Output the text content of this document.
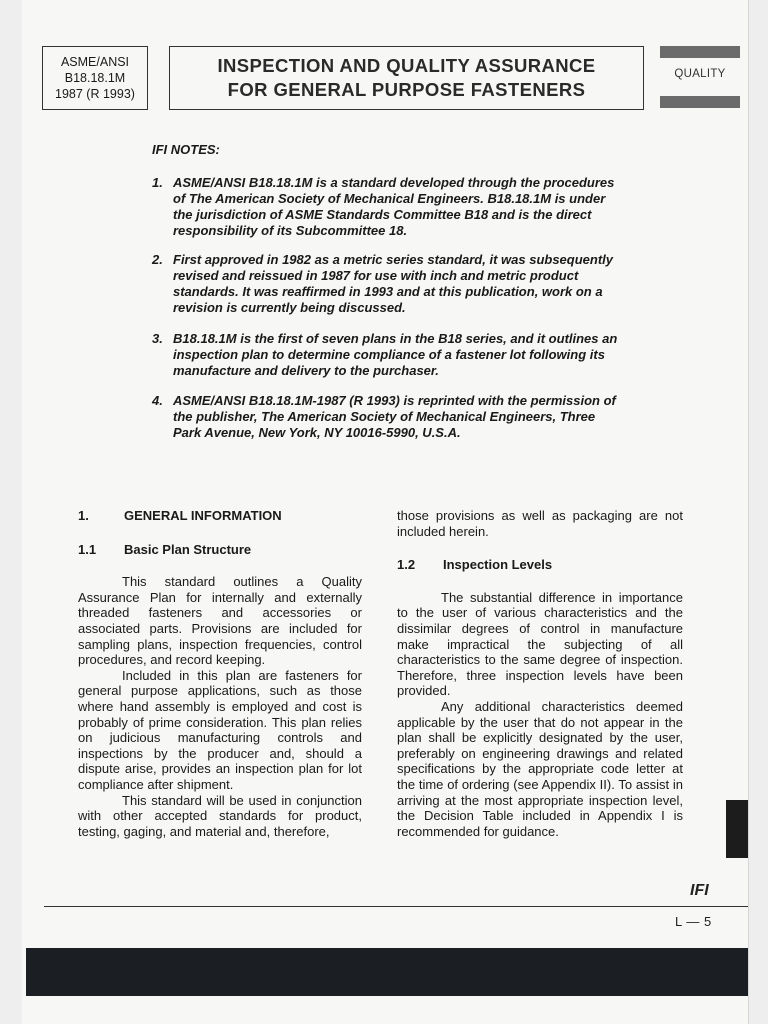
ASME/ANSI
B18.18.1M
1987 (R 1993)
INSPECTION AND QUALITY ASSURANCE
FOR GENERAL PURPOSE FASTENERS
QUALITY
IFI NOTES:
1. ASME/ANSI B18.18.1M is a standard developed through the procedures of The American Society of Mechanical Engineers. B18.18.1M is under the jurisdiction of ASME Standards Committee B18 and is the direct responsibility of its Subcommittee 18.
2. First approved in 1982 as a metric series standard, it was subsequently revised and reissued in 1987 for use with inch and metric product standards. It was reaffirmed in 1993 and at this publication, work on a revision is currently being discussed.
3. B18.18.1M is the first of seven plans in the B18 series, and it outlines an inspection plan to determine compliance of a fastener lot following its manufacture and delivery to the purchaser.
4. ASME/ANSI B18.18.1M-1987 (R 1993) is reprinted with the permission of the publisher, The American Society of Mechanical Engineers, Three Park Avenue, New York, NY 10016-5990, U.S.A.
1.	GENERAL INFORMATION
1.1	Basic Plan Structure

This standard outlines a Quality Assurance Plan for internally and externally threaded fasteners and accessories or associated parts. Provisions are included for sampling plans, inspection frequencies, control procedures, and record keeping.

Included in this plan are fasteners for general purpose applications, such as those where hand assembly is employed and cost is probably of prime consideration. This plan relies on judicious manufacturing controls and inspections by the producer and, should a dispute arise, provides an inspection plan for lot compliance after shipment.

This standard will be used in conjunction with other accepted standards for product, testing, gaging, and material and, therefore,

those provisions as well as packaging are not included herein.

1.2	Inspection Levels

The substantial difference in importance to the user of various characteristics and the dissimilar degrees of control in manufacture make impractical the subjecting of all characteristics to the same degree of inspection. Therefore, three inspection levels have been provided.

Any additional characteristics deemed applicable by the user that do not appear in the plan shall be explicitly designated by the user, preferably on engineering drawings and related specifications by the appropriate code letter at the time of ordering (see Appendix II). To assist in arriving at the most appropriate inspection level, the Decision Table included in Appendix I is recommended for guidance.

IFI
L — 5
